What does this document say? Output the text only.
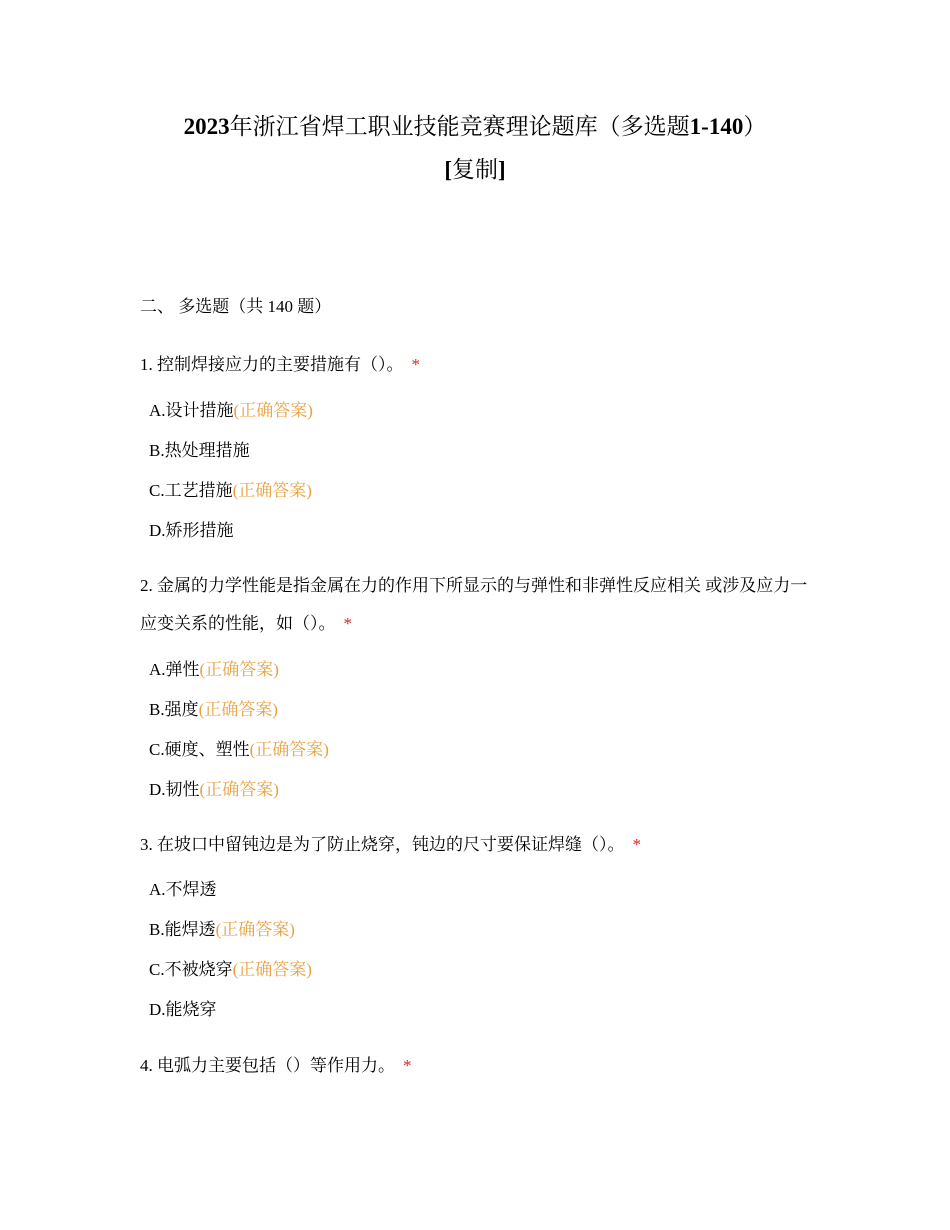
2023年浙江省焊工职业技能竞赛理论题库（多选题1-140）
[复制]
二、 多选题（共 140 题）

1. 控制焊接应力的主要措施有（）。 *

A.设计措施(正确答案)
B.热处理措施
C.工艺措施(正确答案)
D.矫形措施

2. 金属的力学性能是指金属在力的作用下所显示的与弹性和非弹性反应相关 或涉及应力一应变关系的性能，如（）。 *

A.弹性(正确答案)
B.强度(正确答案)
C.硬度、塑性(正确答案)
D.韧性(正确答案)

3. 在坡口中留钝边是为了防止烧穿，钝边的尺寸要保证焊缝（）。 *

A.不焊透
B.能焊透(正确答案)
C.不被烧穿(正确答案)
D.能烧穿

4. 电弧力主要包括（）等作用力。 *
